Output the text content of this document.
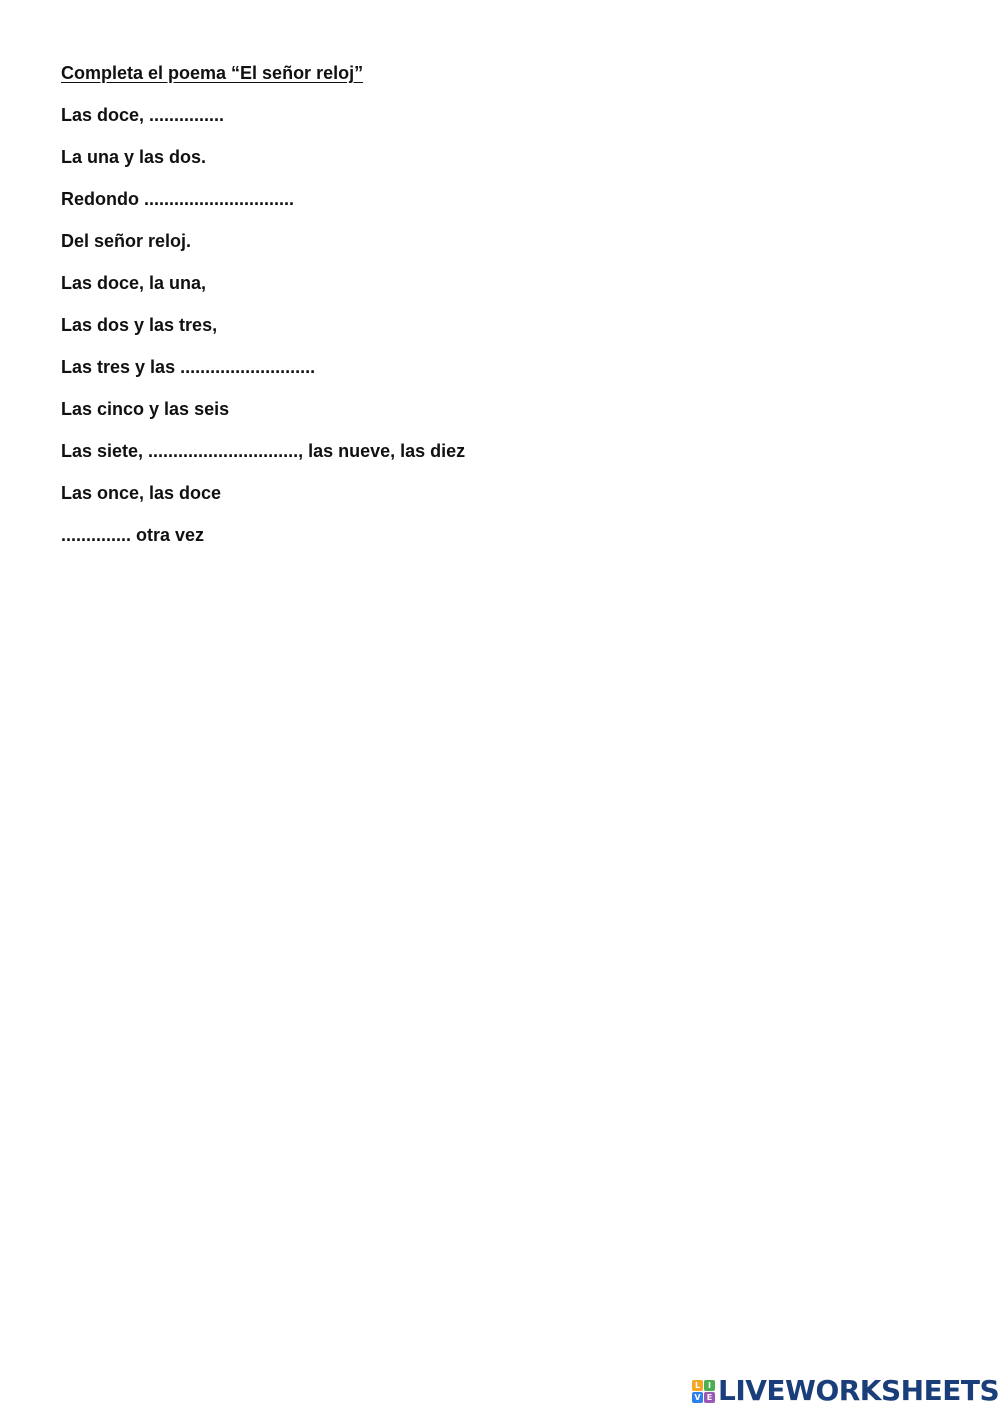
Completa el poema “El señor reloj”
Las doce, ...............
La una y las dos.
Redondo ..............................
Del señor reloj.
Las doce, la una,
Las dos y las tres,
Las tres y las ...........................
Las cinco y las seis
Las siete, .............................., las nueve, las diez
Las once, las doce
.............. otra vez
L I
V E LIVEWORKSHEETS
